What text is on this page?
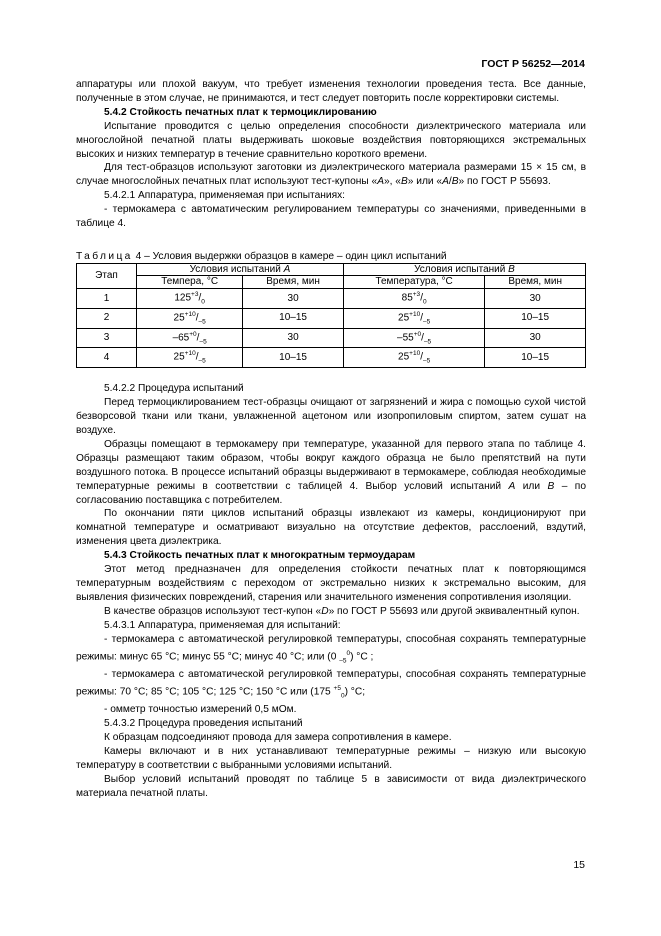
ГОСТ Р 56252—2014

аппаратуры или плохой вакуум, что требует изменения технологии проведения теста. Все данные, полученные в этом случае, не принимаются, и тест следует повторить после корректировки системы.

5.4.2 Стойкость печатных плат к термоциклированию

Испытание проводится с целью определения способности диэлектрического материала или многослойной печатной платы выдерживать шоковые воздействия повторяющихся экстремальных высоких и низких температур в течение сравнительно короткого времени.

Для тест-образцов используют заготовки из диэлектрического материала размерами 15 × 15 см, в случае многослойных печатных плат используют тест-купоны «А», «В» или «А/В» по ГОСТ Р 55693.

5.4.2.1 Аппаратура, применяемая при испытаниях:

- термокамера с автоматическим регулированием температуры со значениями, приведенными в таблице 4.

Таблица 4 – Условия выдержки образцов в камере – один цикл испытаний
Этап	Условия испытаний А		Условия испытаний В	
	Темпера, °С	Время, мин	Температура, °С	Время, мин
1	$125^{+3}/_0$	30	$85^{+3}/_0$	30
2	$25^{+10}/_{-5}$	10–15	$25^{+10}/_{-5}$	10–15
3	$-65^{+0}/_{-5}$	30	$-55^{+0}/_{-5}$	30
4	$25^{+10}/_{-5}$	10–15	$25^{+10}/_{-5}$	10–15

5.4.2.2 Процедура испытаний

Перед термоциклированием тест-образцы очищают от загрязнений и жира с помощью сухой чистой безворсовой ткани или ткани, увлажненной ацетоном или изопропиловым спиртом, затем сушат на воздухе.

Образцы помещают в термокамеру при температуре, указанной для первого этапа по таблице 4. Образцы размещают таким образом, чтобы вокруг каждого образца не было препятствий на пути воздушного потока. В процессе испытаний образцы выдерживают в термокамере, соблюдая необходимые температурные режимы в соответствии с таблицей 4. Выбор условий испытаний А или В – по согласованию поставщика с потребителем.

По окончании пяти циклов испытаний образцы извлекают из камеры, кондиционируют при комнатной температуре и осматривают визуально на отсутствие дефектов, расслоений, вздутий, изменения цвета диэлектрика.

5.4.3 Стойкость печатных плат к многократным термоударам

Этот метод предназначен для определения стойкости печатных плат к повторяющимся температурным воздействиям с переходом от экстремально низких к экстремально высоким, для выявления физических повреждений, старения или значительного изменения сопротивления изоляции.

В качестве образцов используют тест-купон «D» по ГОСТ Р 55693 или другой эквивалентный купон.

5.4.3.1 Аппаратура, применяемая для испытаний:

- термокамера с автоматической регулировкой температуры, способная сохранять температурные режимы: минус 65 °С; минус 55 °С; минус 40 °С; или (0 $_{-5}^0$) °С ;

- термокамера с автоматической регулировкой температуры, способная сохранять температурные режимы: 70 °С; 85 °С; 105 °С; 125 °С; 150 °С или (175 $^{+5}_0$) °С;

- омметр точностью измерений 0,5 мОм.

5.4.3.2 Процедура проведения испытаний

К образцам подсоединяют провода для замера сопротивления в камере.

Камеры включают и в них устанавливают температурные режимы – низкую или высокую температуру в соответствии с выбранными условиями испытаний.

Выбор условий испытаний проводят по таблице 5 в зависимости от вида диэлектрического материала печатной платы.

15
